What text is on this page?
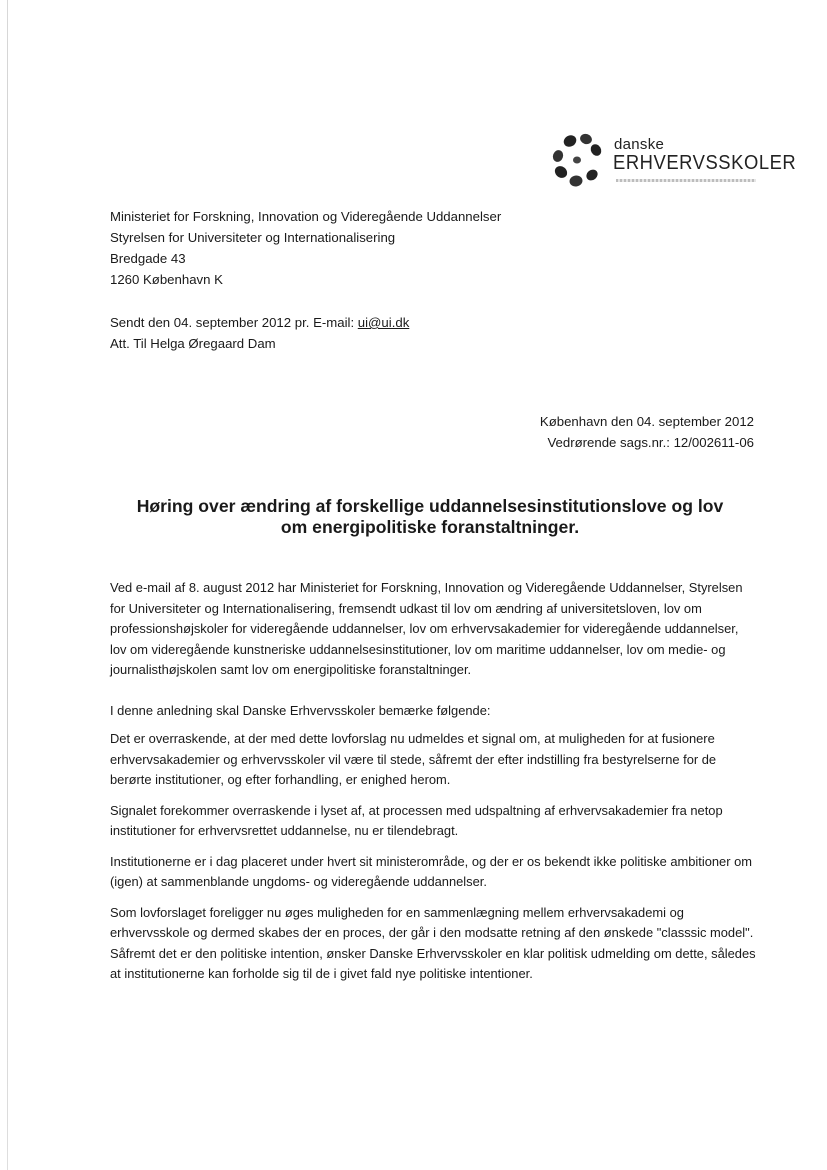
danske
ERHVERVSSKOLER
Ministeriet for Forskning, Innovation og Videregående Uddannelser
Styrelsen for Universiteter og Internationalisering
Bredgade 43
1260 København K
Sendt den 04. september 2012 pr. E-mail: ui@ui.dk
Att. Til Helga Øregaard Dam
København den 04. september 2012
Vedrørende sags.nr.: 12/002611-06
Høring over ændring af forskellige uddannelsesinstitutionslove og lov
om energipolitiske foranstaltninger.

Ved e-mail af 8. august 2012 har Ministeriet for Forskning, Innovation og Videregående Uddannelser, Styrelsen for Universiteter og Internationalisering, fremsendt udkast til lov om ændring af universitetsloven, lov om professionshøjskoler for videregående uddannelser, lov om erhvervsakademier for videregående uddannelser, lov om videregående kunstneriske uddannelsesinstitutioner, lov om maritime uddannelser, lov om medie- og journalisthøjskolen samt lov om energipolitiske foranstaltninger.

I denne anledning skal Danske Erhvervsskoler bemærke følgende:

Det er overraskende, at der med dette lovforslag nu udmeldes et signal om, at muligheden for at fusionere erhvervsakademier og erhvervsskoler vil være til stede, såfremt der efter indstilling fra bestyrelserne for de berørte institutioner, og efter forhandling, er enighed herom.

Signalet forekommer overraskende i lyset af, at processen med udspaltning af erhvervsakademier fra netop institutioner for erhvervsrettet uddannelse, nu er tilendebragt.

Institutionerne er i dag placeret under hvert sit ministerområde, og der er os bekendt ikke politiske ambitioner om (igen) at sammenblande ungdoms- og videregående uddannelser.

Som lovforslaget foreligger nu øges muligheden for en sammenlægning mellem erhvervsakademi og erhvervsskole og dermed skabes der en proces, der går i den modsatte retning af den ønskede "classsic model". Såfremt det er den politiske intention, ønsker Danske Erhvervsskoler en klar politisk udmelding om dette, således at institutionerne kan forholde sig til de i givet fald nye politiske intentioner.
